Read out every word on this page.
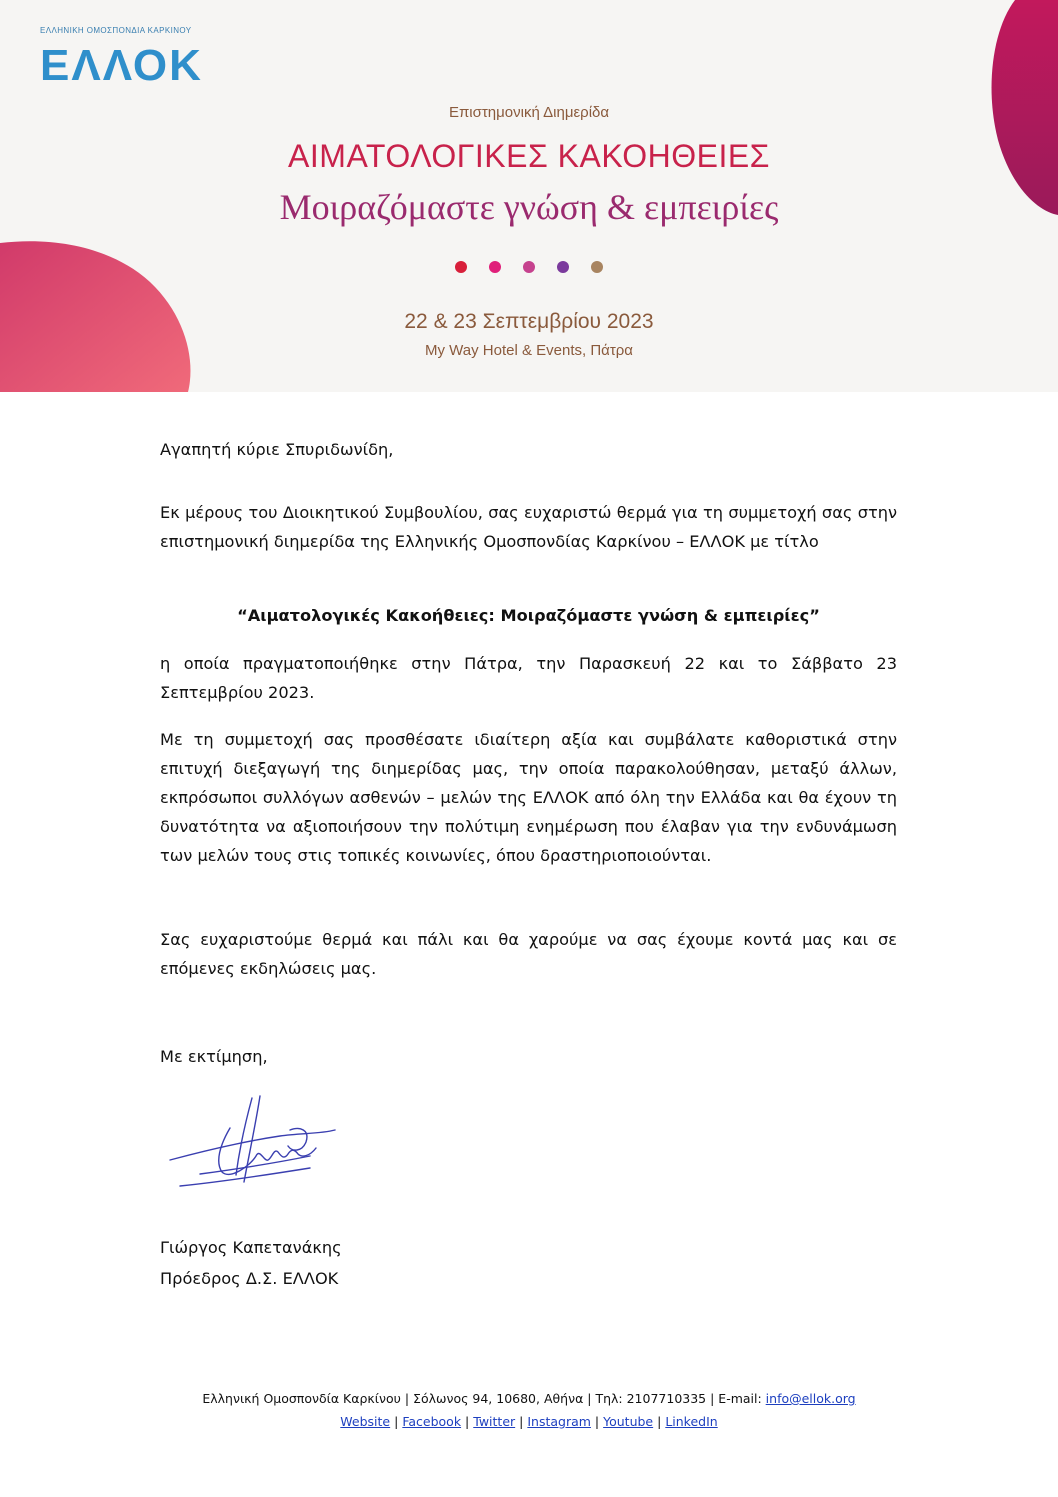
ΕΛΛΗΝΙΚΗ ΟΜΟΣΠΟΝΔΙΑ ΚΑΡΚΙΝΟΥ
ΕΛΛΟΚ
Επιστημονική Διημερίδα
ΑΙΜΑΤΟΛΟΓΙΚΕΣ ΚΑΚΟΗΘΕΙΕΣ
Μοιραζόμαστε γνώση & εμπειρίες
22 & 23 Σεπτεμβρίου 2023
My Way Hotel & Events, Πάτρα

Αγαπητή κύριε Σπυριδωνίδη,

Εκ μέρους του Διοικητικού Συμβουλίου, σας ευχαριστώ θερμά για τη συμμετοχή σας στην επιστημονική διημερίδα της Ελληνικής Ομοσπονδίας Καρκίνου – ΕΛΛΟΚ με τίτλο

“Αιματολογικές Κακοήθειες: Μοιραζόμαστε γνώση & εμπειρίες”

η οποία πραγματοποιήθηκε στην Πάτρα, την Παρασκευή 22 και το Σάββατο 23 Σεπτεμβρίου 2023.

Με τη συμμετοχή σας προσθέσατε ιδιαίτερη αξία και συμβάλατε καθοριστικά στην επιτυχή διεξαγωγή της διημερίδας μας, την οποία παρακολούθησαν, μεταξύ άλλων, εκπρόσωποι συλλόγων ασθενών – μελών της ΕΛΛΟΚ από όλη την Ελλάδα και θα έχουν τη δυνατότητα να αξιοποιήσουν την πολύτιμη ενημέρωση που έλαβαν για την ενδυνάμωση των μελών τους στις τοπικές κοινωνίες, όπου δραστηριοποιούνται.

Σας ευχαριστούμε θερμά και πάλι και θα χαρούμε να σας έχουμε κοντά μας και σε επόμενες εκδηλώσεις μας.

Με εκτίμηση,

Γιώργος Καπετανάκης
Πρόεδρος Δ.Σ. ΕΛΛΟΚ
Ελληνική Ομοσπονδία Καρκίνου | Σόλωνος 94, 10680, Αθήνα | Τηλ: 2107710335 | E-mail: info@ellok.org
Website | Facebook | Twitter | Instagram | Youtube | LinkedIn
